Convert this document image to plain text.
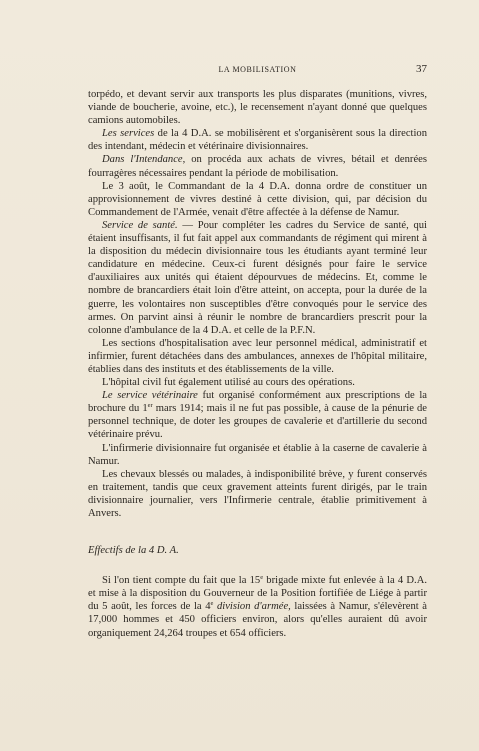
LA MOBILISATION	37

torpédo, et devant servir aux transports les plus disparates (munitions, vivres, viande de boucherie, avoine, etc.), le recensement n'ayant donné que quelques camions automobiles.

Les services de la 4 D.A. se mobilisèrent et s'organisèrent sous la direction des intendant, médecin et vétérinaire divisionnaires.

Dans l'Intendance, on procéda aux achats de vivres, bétail et denrées fourragères nécessaires pendant la période de mobilisation.

Le 3 août, le Commandant de la 4 D.A. donna ordre de constituer un approvisionnement de vivres destiné à cette division, qui, par décision du Commandement de l'Armée, venait d'être affectée à la défense de Namur.

Service de santé. — Pour compléter les cadres du Service de santé, qui étaient insuffisants, il fut fait appel aux commandants de régiment qui mirent à la disposition du médecin divisionnaire tous les étudiants ayant terminé leur candidature en médecine. Ceux-ci furent désignés pour faire le service d'auxiliaires aux unités qui étaient dépourvues de médecins. Et, comme le nombre de brancardiers était loin d'être atteint, on accepta, pour la durée de la guerre, les volontaires non susceptibles d'être convoqués pour le service des armes. On parvint ainsi à réunir le nombre de brancardiers prescrit pour la colonne d'ambulance de la 4 D.A. et celle de la P.F.N.

Les sections d'hospitalisation avec leur personnel médical, administratif et infirmier, furent détachées dans des ambulances, annexes de l'hôpital militaire, établies dans des instituts et des établissements de la ville.

L'hôpital civil fut également utilisé au cours des opérations.

Le service vétérinaire fut organisé conformément aux prescriptions de la brochure du 1er mars 1914; mais il ne fut pas possible, à cause de la pénurie de personnel technique, de doter les groupes de cavalerie et d'artillerie du second vétérinaire prévu.

L'infirmerie divisionnaire fut organisée et établie à la caserne de cavalerie à Namur.

Les chevaux blessés ou malades, à indisponibilité brève, y furent conservés en traitement, tandis que ceux gravement atteints furent dirigés, par le train divisionnaire journalier, vers l'Infirmerie centrale, établie primitivement à Anvers.

Effectifs de la 4 D. A.

Si l'on tient compte du fait que la 15e brigade mixte fut enlevée à la 4 D.A. et mise à la disposition du Gouverneur de la Position fortifiée de Liége à partir du 5 août, les forces de la 4e division d'armée, laissées à Namur, s'élevèrent à 17,000 hommes et 450 officiers environ, alors qu'elles auraient dû avoir organiquement 24,264 troupes et 654 officiers.
